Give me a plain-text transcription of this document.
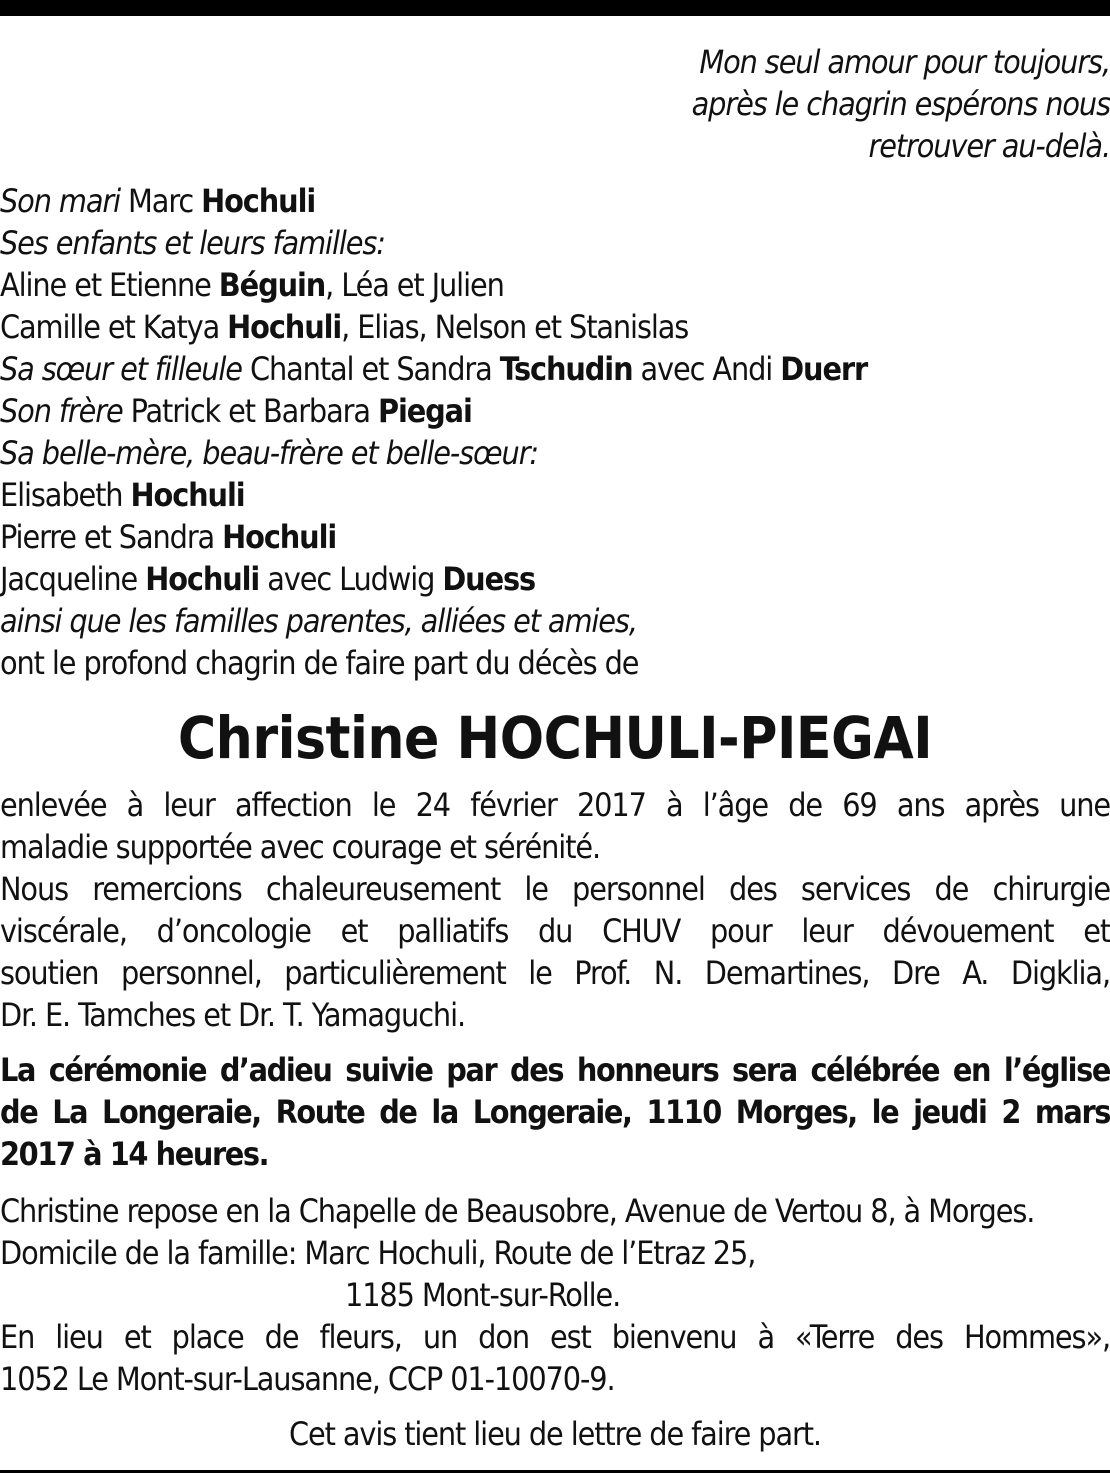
Mon seul amour pour toujours,
après le chagrin espérons nous
retrouver au-delà.
Son mari Marc Hochuli
Ses enfants et leurs familles:
Aline et Etienne Béguin, Léa et Julien
Camille et Katya Hochuli, Elias, Nelson et Stanislas
Sa sœur et filleule Chantal et Sandra Tschudin avec Andi Duerr
Son frère Patrick et Barbara Piegai
Sa belle-mère, beau-frère et belle-sœur:
Elisabeth Hochuli
Pierre et Sandra Hochuli
Jacqueline Hochuli avec Ludwig Duess
ainsi que les familles parentes, alliées et amies,
ont le profond chagrin de faire part du décès de
Christine HOCHULI-PIEGAI
enlevée à leur affection le 24 février 2017 à l’âge de 69 ans après une
maladie supportée avec courage et sérénité.
Nous remercions chaleureusement le personnel des services de chirurgie
viscérale, d’oncologie et palliatifs du CHUV pour leur dévouement et
soutien personnel, particulièrement le Prof. N. Demartines, Dre A. Digklia,
Dr. E. Tamches et Dr. T. Yamaguchi.
La cérémonie d’adieu suivie par des honneurs sera célébrée en l’église
de La Longeraie, Route de la Longeraie, 1110 Morges, le jeudi 2 mars
2017 à 14 heures.
Christine repose en la Chapelle de Beausobre, Avenue de Vertou 8, à Morges.
Domicile de la famille: Marc Hochuli, Route de l’Etraz 25,
1185 Mont-sur-Rolle.
En lieu et place de fleurs, un don est bienvenu à «Terre des Hommes»,
1052 Le Mont-sur-Lausanne, CCP 01-10070-9.
Cet avis tient lieu de lettre de faire part.
